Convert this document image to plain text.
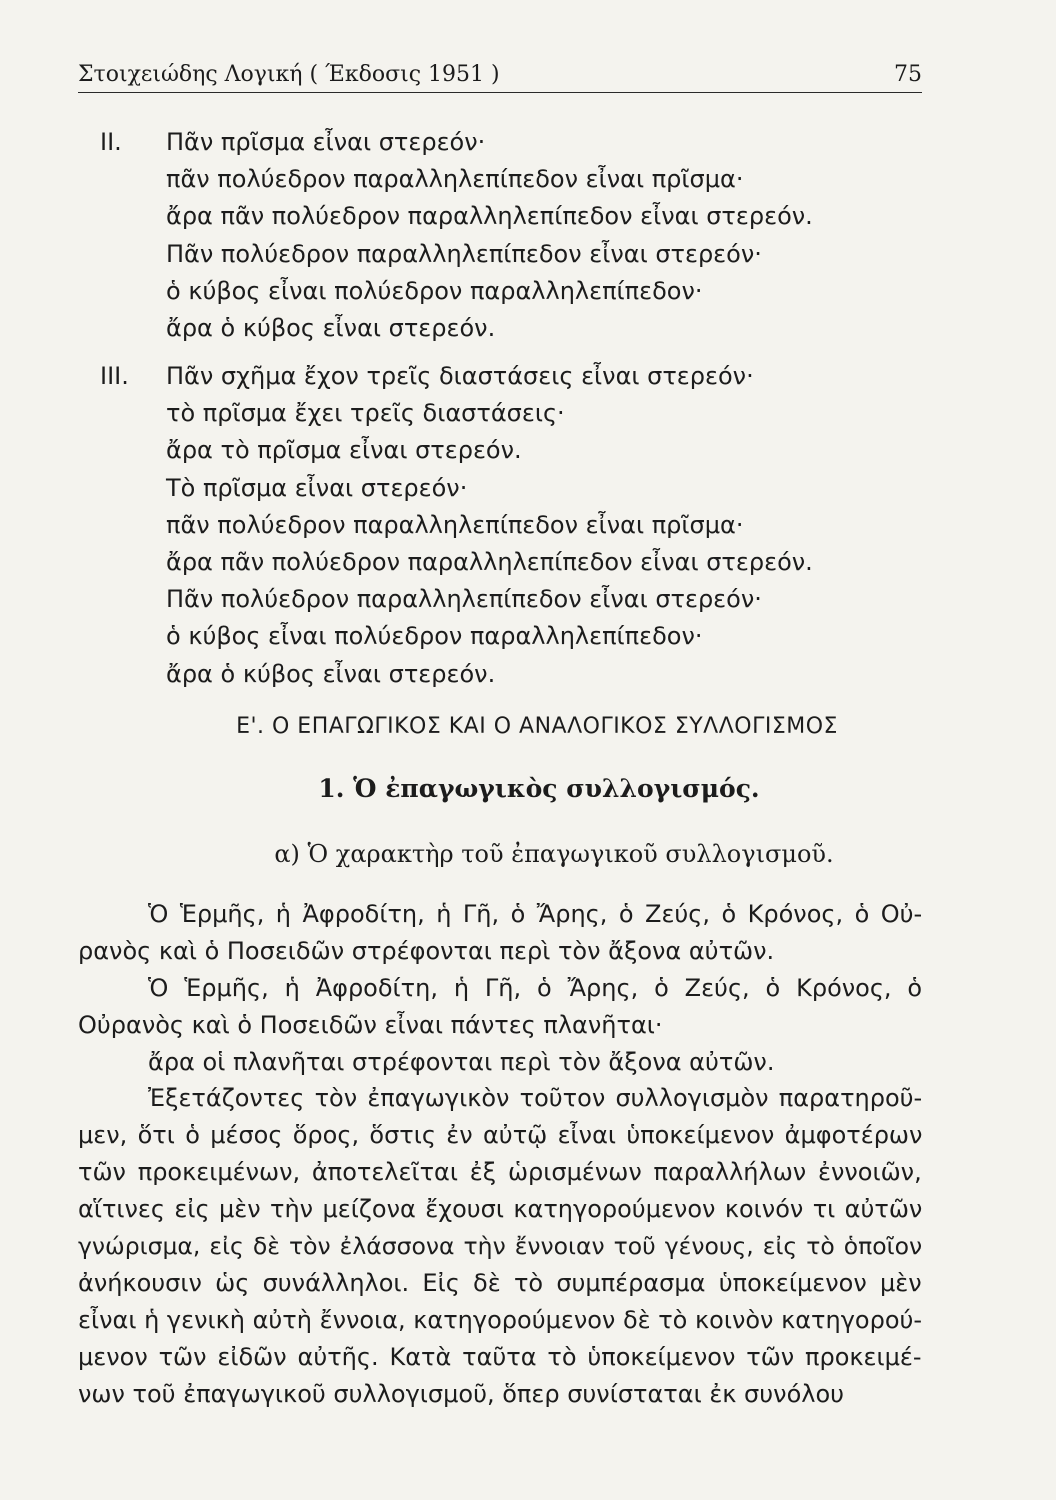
Στοιχειώδης Λογική ( Έκδοσις 1951 )	75
II. Πᾶν πρῖσμα εἶναι στερεόν·
πᾶν πολύεδρον παραλληλεπίπεδον εἶναι πρῖσμα·
ἄρα πᾶν πολύεδρον παραλληλεπίπεδον εἶναι στερεόν.
Πᾶν πολύεδρον παραλληλεπίπεδον εἶναι στερεόν·
ὁ κύβος εἶναι πολύεδρον παραλληλεπίπεδον·
ἄρα ὁ κύβος εἶναι στερεόν.
III. Πᾶν σχῆμα ἔχον τρεῖς διαστάσεις εἶναι στερεόν·
τὸ πρῖσμα ἔχει τρεῖς διαστάσεις·
ἄρα τὸ πρῖσμα εἶναι στερεόν.
Τὸ πρῖσμα εἶναι στερεόν·
πᾶν πολύεδρον παραλληλεπίπεδον εἶναι πρῖσμα·
ἄρα πᾶν πολύεδρον παραλληλεπίπεδον εἶναι στερεόν.
Πᾶν πολύεδρον παραλληλεπίπεδον εἶναι στερεόν·
ὁ κύβος εἶναι πολύεδρον παραλληλεπίπεδον·
ἄρα ὁ κύβος εἶναι στερεόν.
Ε'. Ο ΕΠΑΓΩΓΙΚΟΣ ΚΑΙ Ο ΑΝΑΛΟΓΙΚΟΣ ΣΥΛΛΟΓΙΣΜΟΣ
1. Ὁ ἐπαγωγικὸς συλλογισμός.
α) Ὁ χαρακτὴρ τοῦ ἐπαγωγικοῦ συλλογισμοῦ.
Ὁ Ἑρμῆς, ἡ Ἀφροδίτη, ἡ Γῆ, ὁ Ἄρης, ὁ Ζεύς, ὁ Κρόνος, ὁ Οὐ-
ρανὸς καὶ ὁ Ποσειδῶν στρέφονται περὶ τὸν ἄξονα αὐτῶν.
Ὁ Ἑρμῆς, ἡ Ἀφροδίτη, ἡ Γῆ, ὁ Ἄρης, ὁ Ζεύς, ὁ Κρόνος, ὁ
Οὐρανὸς καὶ ὁ Ποσειδῶν εἶναι πάντες πλανῆται·
ἄρα οἱ πλανῆται στρέφονται περὶ τὸν ἄξονα αὐτῶν.
Ἐξετάζοντες τὸν ἐπαγωγικὸν τοῦτον συλλογισμὸν παρατηροῦ-
μεν, ὅτι ὁ μέσος ὅρος, ὅστις ἐν αὐτῷ εἶναι ὑποκείμενον ἀμφοτέρων
τῶν προκειμένων, ἀποτελεῖται ἐξ ὡρισμένων παραλλήλων ἐννοιῶν,
αἵτινες εἰς μὲν τὴν μείζονα ἔχουσι κατηγορούμενον κοινόν τι αὐτῶν
γνώρισμα, εἰς δὲ τὸν ἐλάσσονα τὴν ἔννοιαν τοῦ γένους, εἰς τὸ ὁποῖον
ἀνήκουσιν ὡς συνάλληλοι. Εἰς δὲ τὸ συμπέρασμα ὑποκείμενον μὲν
εἶναι ἡ γενικὴ αὐτὴ ἔννοια, κατηγορούμενον δὲ τὸ κοινὸν κατηγορού-
μενον τῶν εἰδῶν αὐτῆς. Κατὰ ταῦτα τὸ ὑποκείμενον τῶν προκειμέ-
νων τοῦ ἐπαγωγικοῦ συλλογισμοῦ, ὅπερ συνίσταται ἐκ συνόλου
